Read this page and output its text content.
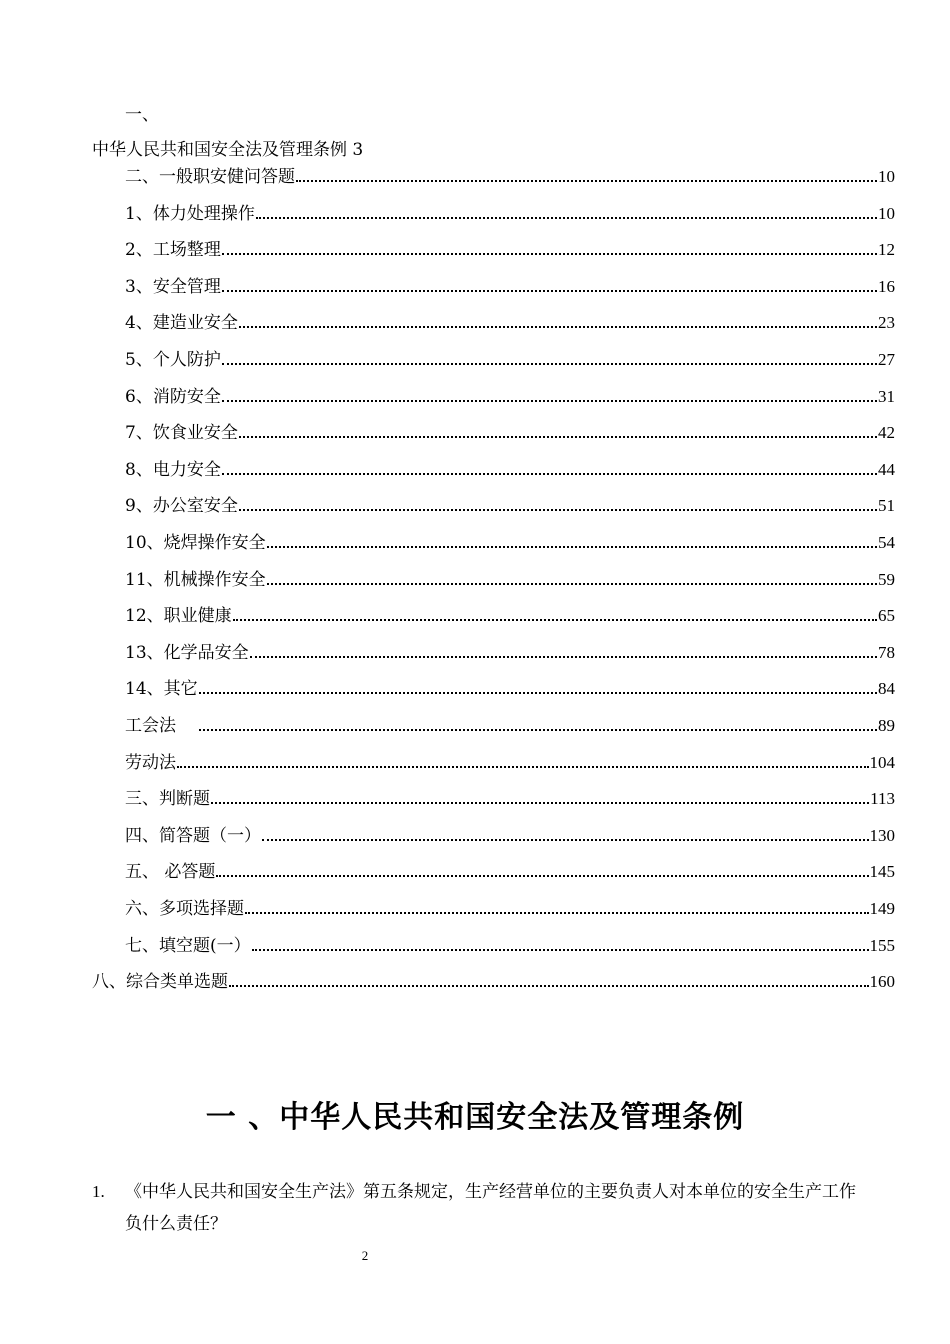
一、
中华人民共和国安全法及管理条例 3
二、一般职安健问答题	10
1、体力处理操作	10
2、工场整理	12
3、安全管理	16
4、建造业安全	23
5、个人防护	27
6、消防安全	31
7、饮食业安全	42
8、电力安全	44
9、办公室安全	51
10、烧焊操作安全	54
11、机械操作安全	59
12、职业健康	65
13、化学品安全	78
14、其它	84
工会法	89
劳动法	104
三、判断题	113
四、简答题（一）	130
五、 必答题	145
六、多项选择题	149
七、填空题(一）	155
八、综合类单选题	160
一 、中华人民共和国安全法及管理条例
1. 《中华人民共和国安全生产法》第五条规定，生产经营单位的主要负责人对本单位的安全生产工作负什么责任？
2
